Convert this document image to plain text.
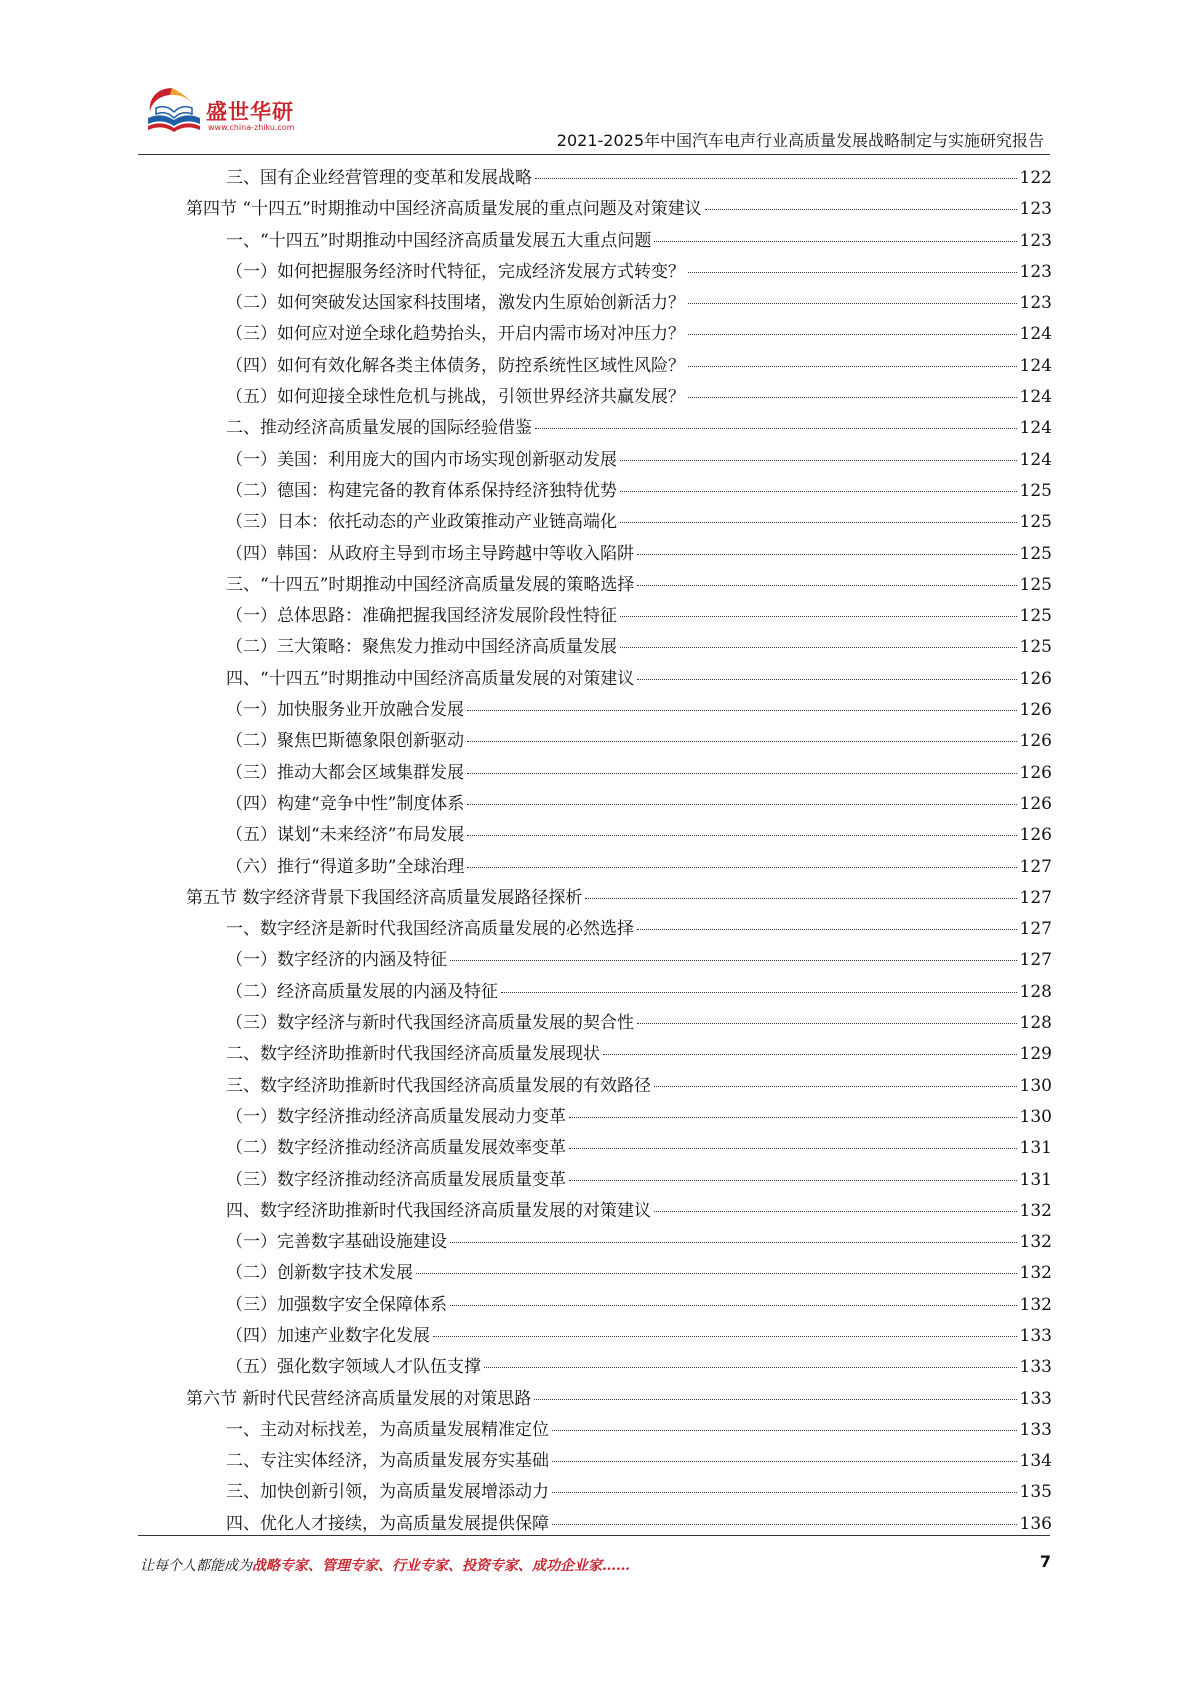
盛世华研
www.china-zhiku.com
2021-2025年中国汽车电声行业高质量发展战略制定与实施研究报告
三、国有企业经营管理的变革和发展战略	122
第四节 “十四五”时期推动中国经济高质量发展的重点问题及对策建议	123
一、“十四五”时期推动中国经济高质量发展五大重点问题	123
（一）如何把握服务经济时代特征，完成经济发展方式转变？	123
（二）如何突破发达国家科技围堵，激发内生原始创新活力？	123
（三）如何应对逆全球化趋势抬头，开启内需市场对冲压力？	124
（四）如何有效化解各类主体债务，防控系统性区域性风险？	124
（五）如何迎接全球性危机与挑战，引领世界经济共赢发展？	124
二、推动经济高质量发展的国际经验借鉴	124
（一）美国：利用庞大的国内市场实现创新驱动发展	124
（二）德国：构建完备的教育体系保持经济独特优势	125
（三）日本：依托动态的产业政策推动产业链高端化	125
（四）韩国：从政府主导到市场主导跨越中等收入陷阱	125
三、“十四五”时期推动中国经济高质量发展的策略选择	125
（一）总体思路：准确把握我国经济发展阶段性特征	125
（二）三大策略：聚焦发力推动中国经济高质量发展	125
四、“十四五”时期推动中国经济高质量发展的对策建议	126
（一）加快服务业开放融合发展	126
（二）聚焦巴斯德象限创新驱动	126
（三）推动大都会区域集群发展	126
（四）构建“竞争中性”制度体系	126
（五）谋划“未来经济”布局发展	126
（六）推行“得道多助”全球治理	127
第五节 数字经济背景下我国经济高质量发展路径探析	127
一、数字经济是新时代我国经济高质量发展的必然选择	127
（一）数字经济的内涵及特征	127
（二）经济高质量发展的内涵及特征	128
（三）数字经济与新时代我国经济高质量发展的契合性	128
二、数字经济助推新时代我国经济高质量发展现状	129
三、数字经济助推新时代我国经济高质量发展的有效路径	130
（一）数字经济推动经济高质量发展动力变革	130
（二）数字经济推动经济高质量发展效率变革	131
（三）数字经济推动经济高质量发展质量变革	131
四、数字经济助推新时代我国经济高质量发展的对策建议	132
（一）完善数字基础设施建设	132
（二）创新数字技术发展	132
（三）加强数字安全保障体系	132
（四）加速产业数字化发展	133
（五）强化数字领域人才队伍支撑	133
第六节 新时代民营经济高质量发展的对策思路	133
一、主动对标找差，为高质量发展精准定位	133
二、专注实体经济，为高质量发展夯实基础	134
三、加快创新引领，为高质量发展增添动力	135
四、优化人才接续，为高质量发展提供保障	136
让每个人都能成为战略专家、管理专家、行业专家、投资专家、成功企业家……	7
